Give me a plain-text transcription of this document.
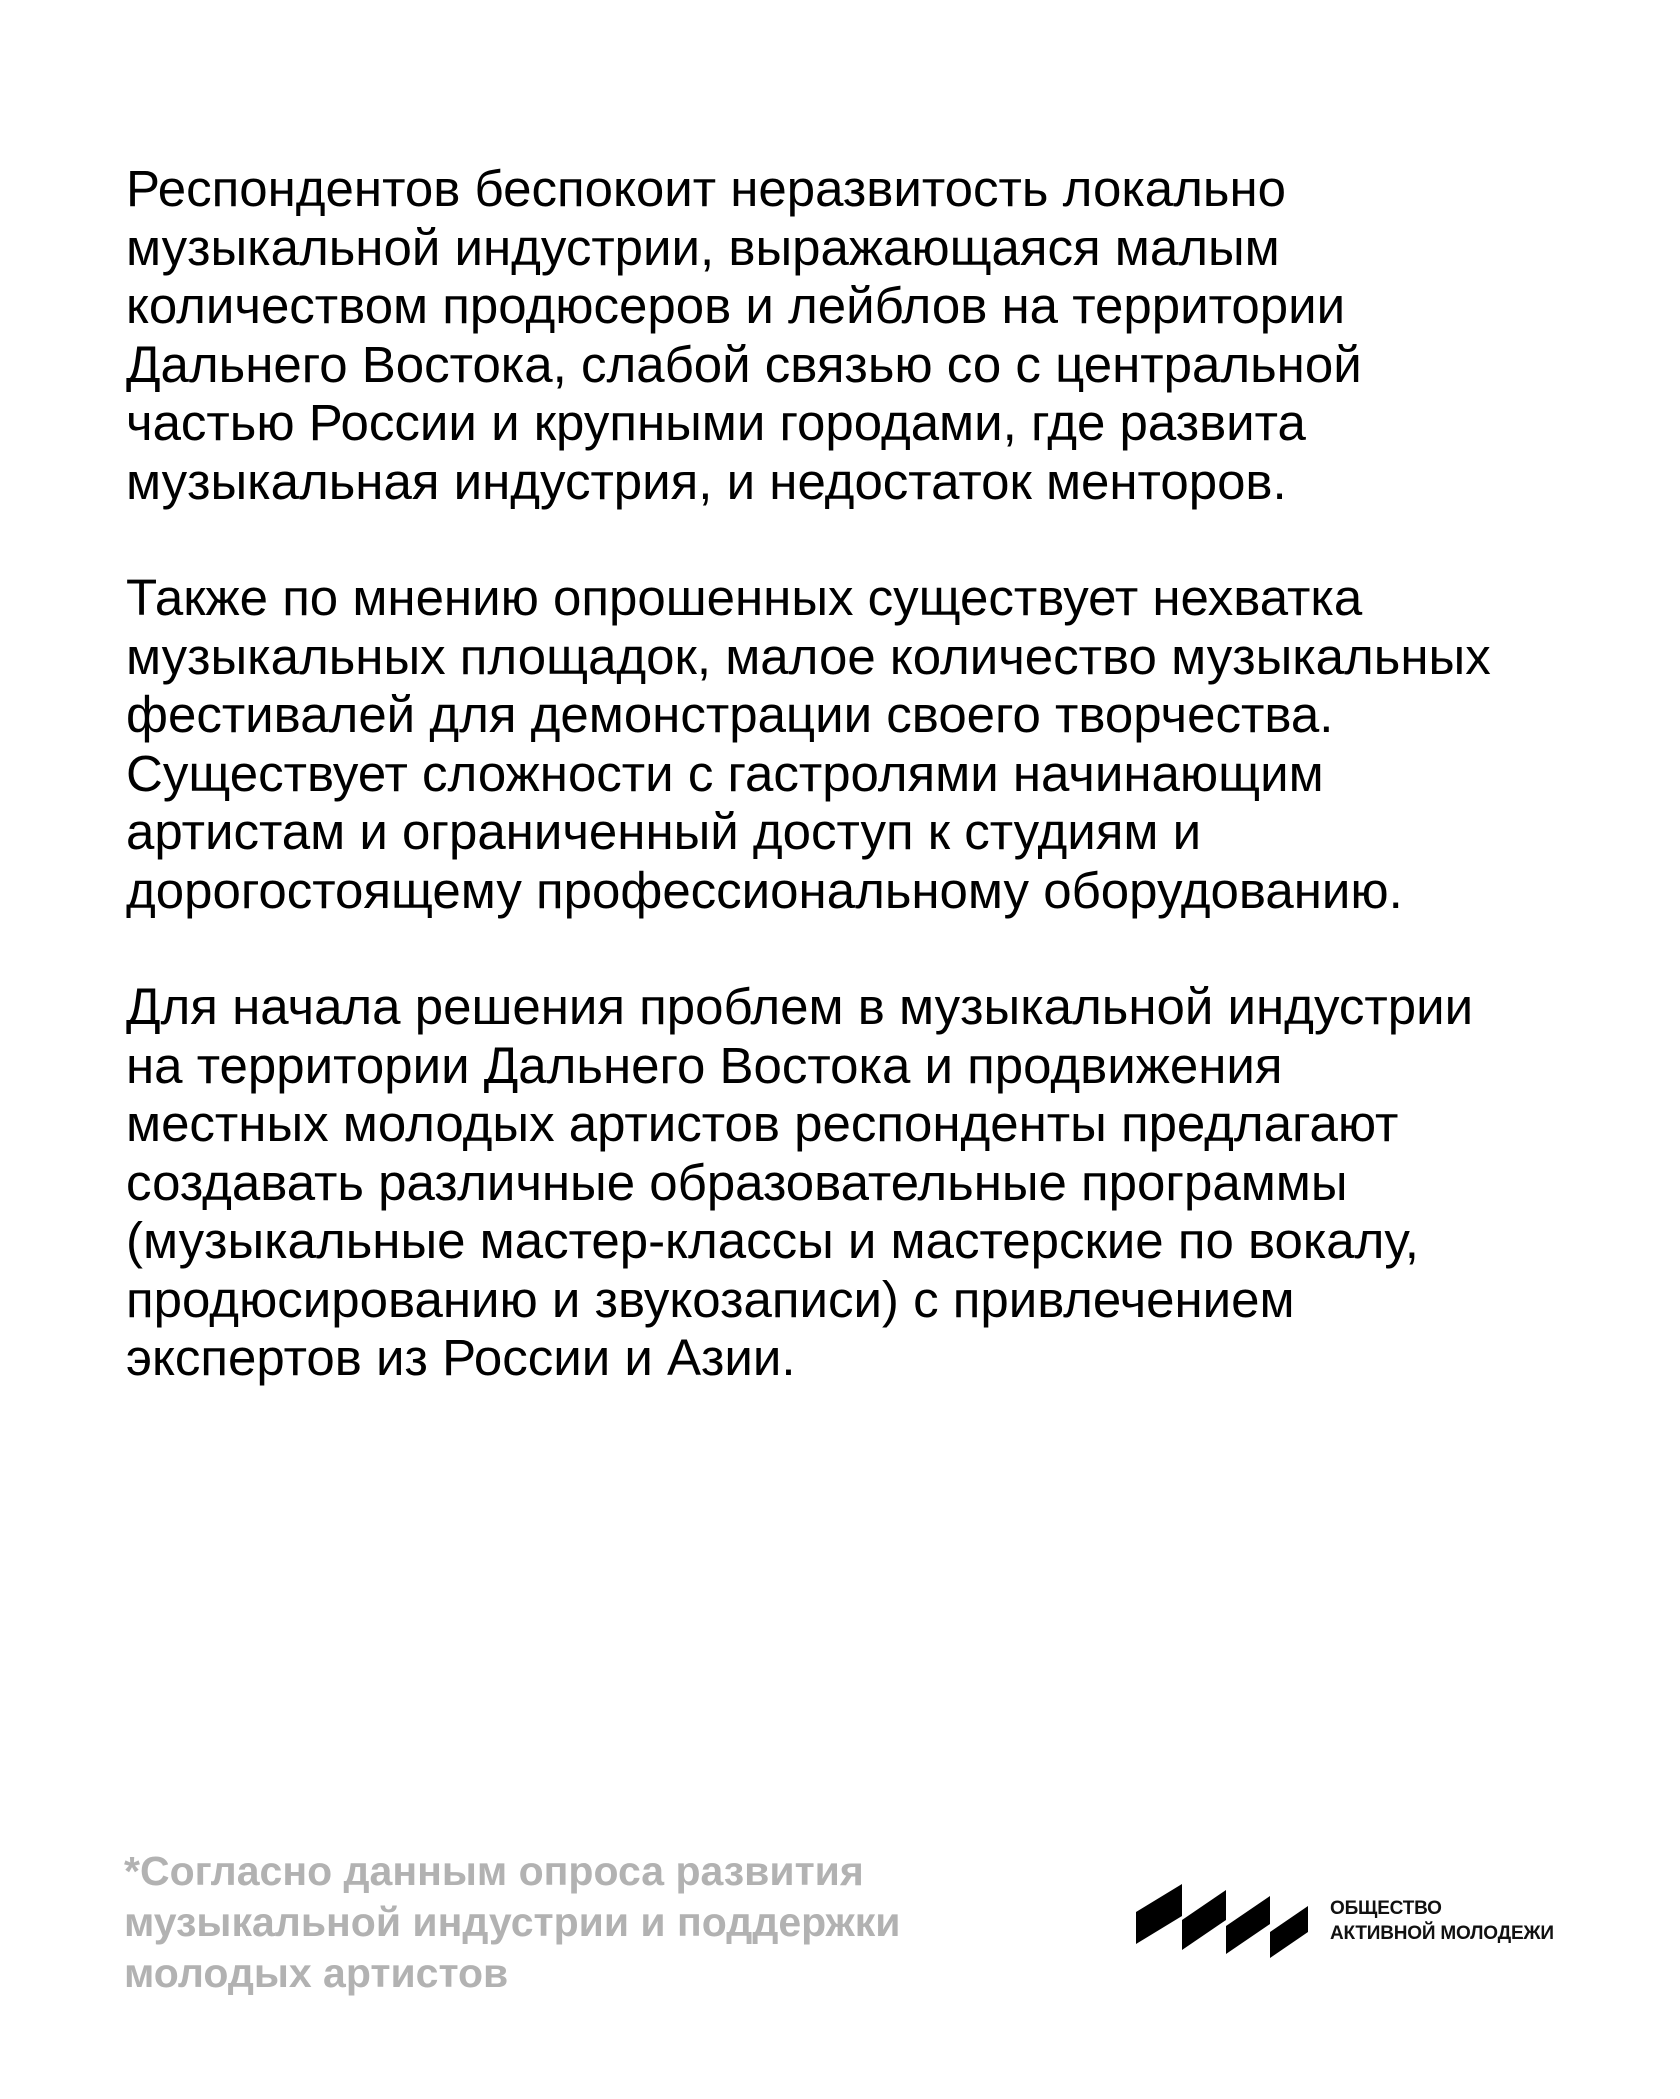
Респондентов беспокоит неразвитость локально
музыкальной индустрии, выражающаяся малым
количеством продюсеров и лейблов на территории
Дальнего Востока, слабой связью со с центральной
частью России и крупными городами, где развита
музыкальная индустрия, и недостаток менторов.

Также по мнению опрошенных существует нехватка
музыкальных площадок, малое количество музыкальных
фестивалей для демонстрации своего творчества.
Существует сложности с гастролями начинающим
артистам и ограниченный доступ к студиям и
дорогостоящему профессиональному оборудованию.

Для начала решения проблем в музыкальной индустрии
на территории Дальнего Востока и продвижения
местных молодых артистов респонденты предлагают
создавать различные образовательные программы
(музыкальные мастер-классы и мастерские по вокалу,
продюсированию и звукозаписи) с привлечением
экспертов из России и Азии.

*Согласно данным опроса развития
музыкальной индустрии и поддержки
молодых артистов
ОБЩЕСТВО
АКТИВНОЙ МОЛОДЕЖИ
